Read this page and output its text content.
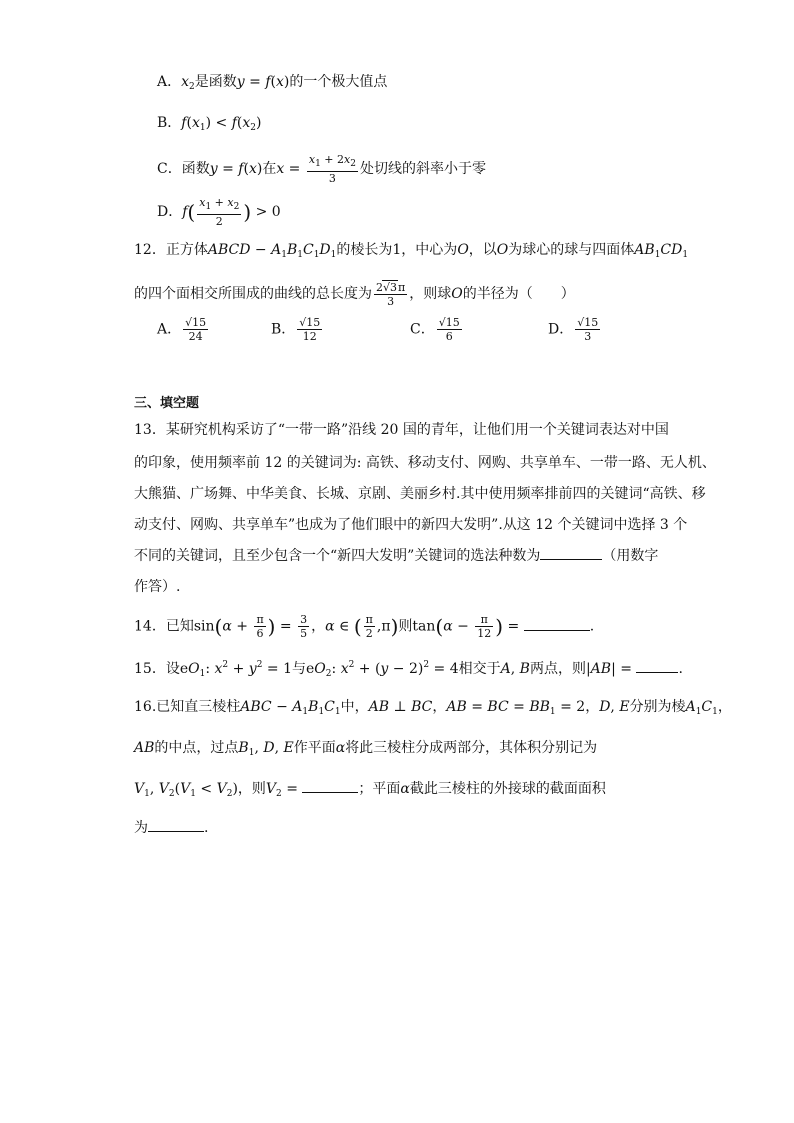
A．$x_2$是函数y = f(x)的一个极大值点
B．$f(x_1) < f(x_2)$
C．函数y = f(x)在$x = \frac{x_1 + 2x_2}{3}$ 处切线的斜率小于零
D．$f( \frac{x_1 + x_2}{2}$ ) > 0
12．正方体ABCD − $A_1B_1C_1D_1$的棱长为1，中心为O，以O为球心的球与四面体$AB_1CD_1$
的四个面相交所围成的曲线的总长度为 $\frac{2√3\pi}{3}$ ，则球O的半径为（　　）
A． $\frac{√15}{24}$	B． $\frac{√15}{12}$	C． $\frac{√15}{6}$	D． $\frac{√15}{3}$
三、填空题
13．某研究机构采访了“一带一路”沿线 20 国的青年，让他们用一个关键词表达对中国
的印象，使用频率前 12 的关键词为: 高铁、移动支付、网购、共享单车、一带一路、无人机、
大熊猫、广场舞、中华美食、长城、京剧、美丽乡村.其中使用频率排前四的关键词“高铁、移
动支付、网购、共享单车”也成为了他们眼中的新四大发明”.从这 12 个关键词中选择 3 个
不同的关键词，且至少包含一个“新四大发明”关键词的选法种数为	（用数字
作答）.
14．已知$\sin(\alpha + \frac{\pi}{6}$ ) = $\frac{3}{5}$ ，α ∈ ( $\frac{\pi}{2} ,\pi$)则$\tan(\alpha - \frac{\pi}{12}$ ) =	.
15．设$eO_1$: $x^2 + y^2 = 1$与$eO_2$: $x^2 + (y - 2)^2 = 4$相交于A, B两点，则|AB| =	.
16.已知直三棱柱ABC − $A_1B_1C_1$中，AB ⊥ BC，AB = BC = $BB_1 = 2$，D, E分别为棱$A_1C_1$，
AB的中点，过点$B_1$, D, E作平面α将此三棱柱分成两部分，其体积分别记为
$V_1$, $V_2(V_1 < V_2)$，则$V_2$ =	；平面α截此三棱柱的外接球的截面面积
为	.
